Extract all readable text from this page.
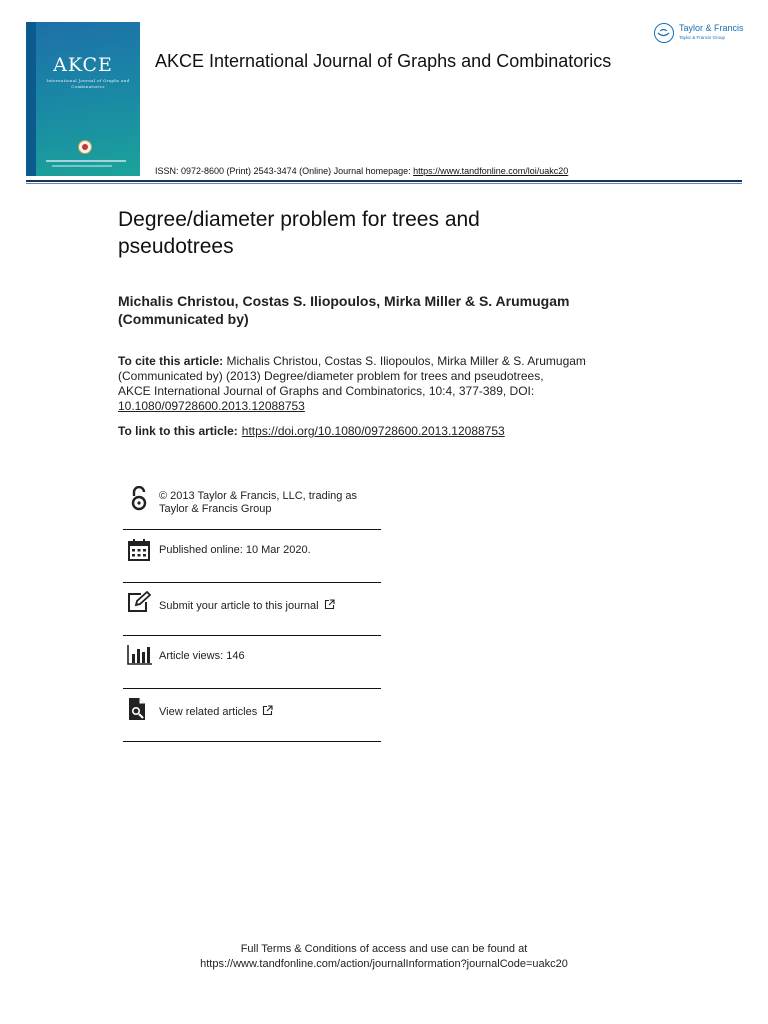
AKCE
International Journal of Graphs and Combinatorics
AKCE International Journal of Graphs and Combinatorics
ISSN: 0972-8600 (Print) 2543-3474 (Online) Journal homepage: https://www.tandfonline.com/loi/uakc20
Taylor & Francis
Taylor & Francis Group
Degree/diameter problem for trees and
pseudotrees
Michalis Christou, Costas S. Iliopoulos, Mirka Miller & S. Arumugam
(Communicated by)
To cite this article: Michalis Christou, Costas S. Iliopoulos, Mirka Miller & S. Arumugam
(Communicated by) (2013) Degree/diameter problem for trees and pseudotrees,
AKCE International Journal of Graphs and Combinatorics, 10:4, 377-389, DOI:
10.1080/09728600.2013.12088753
To link to this article: https://doi.org/10.1080/09728600.2013.12088753
© 2013 Taylor & Francis, LLC, trading as
Taylor & Francis Group
Published online: 10 Mar 2020.
Submit your article to this journal
Article views: 146
View related articles
Full Terms & Conditions of access and use can be found at
https://www.tandfonline.com/action/journalInformation?journalCode=uakc20
